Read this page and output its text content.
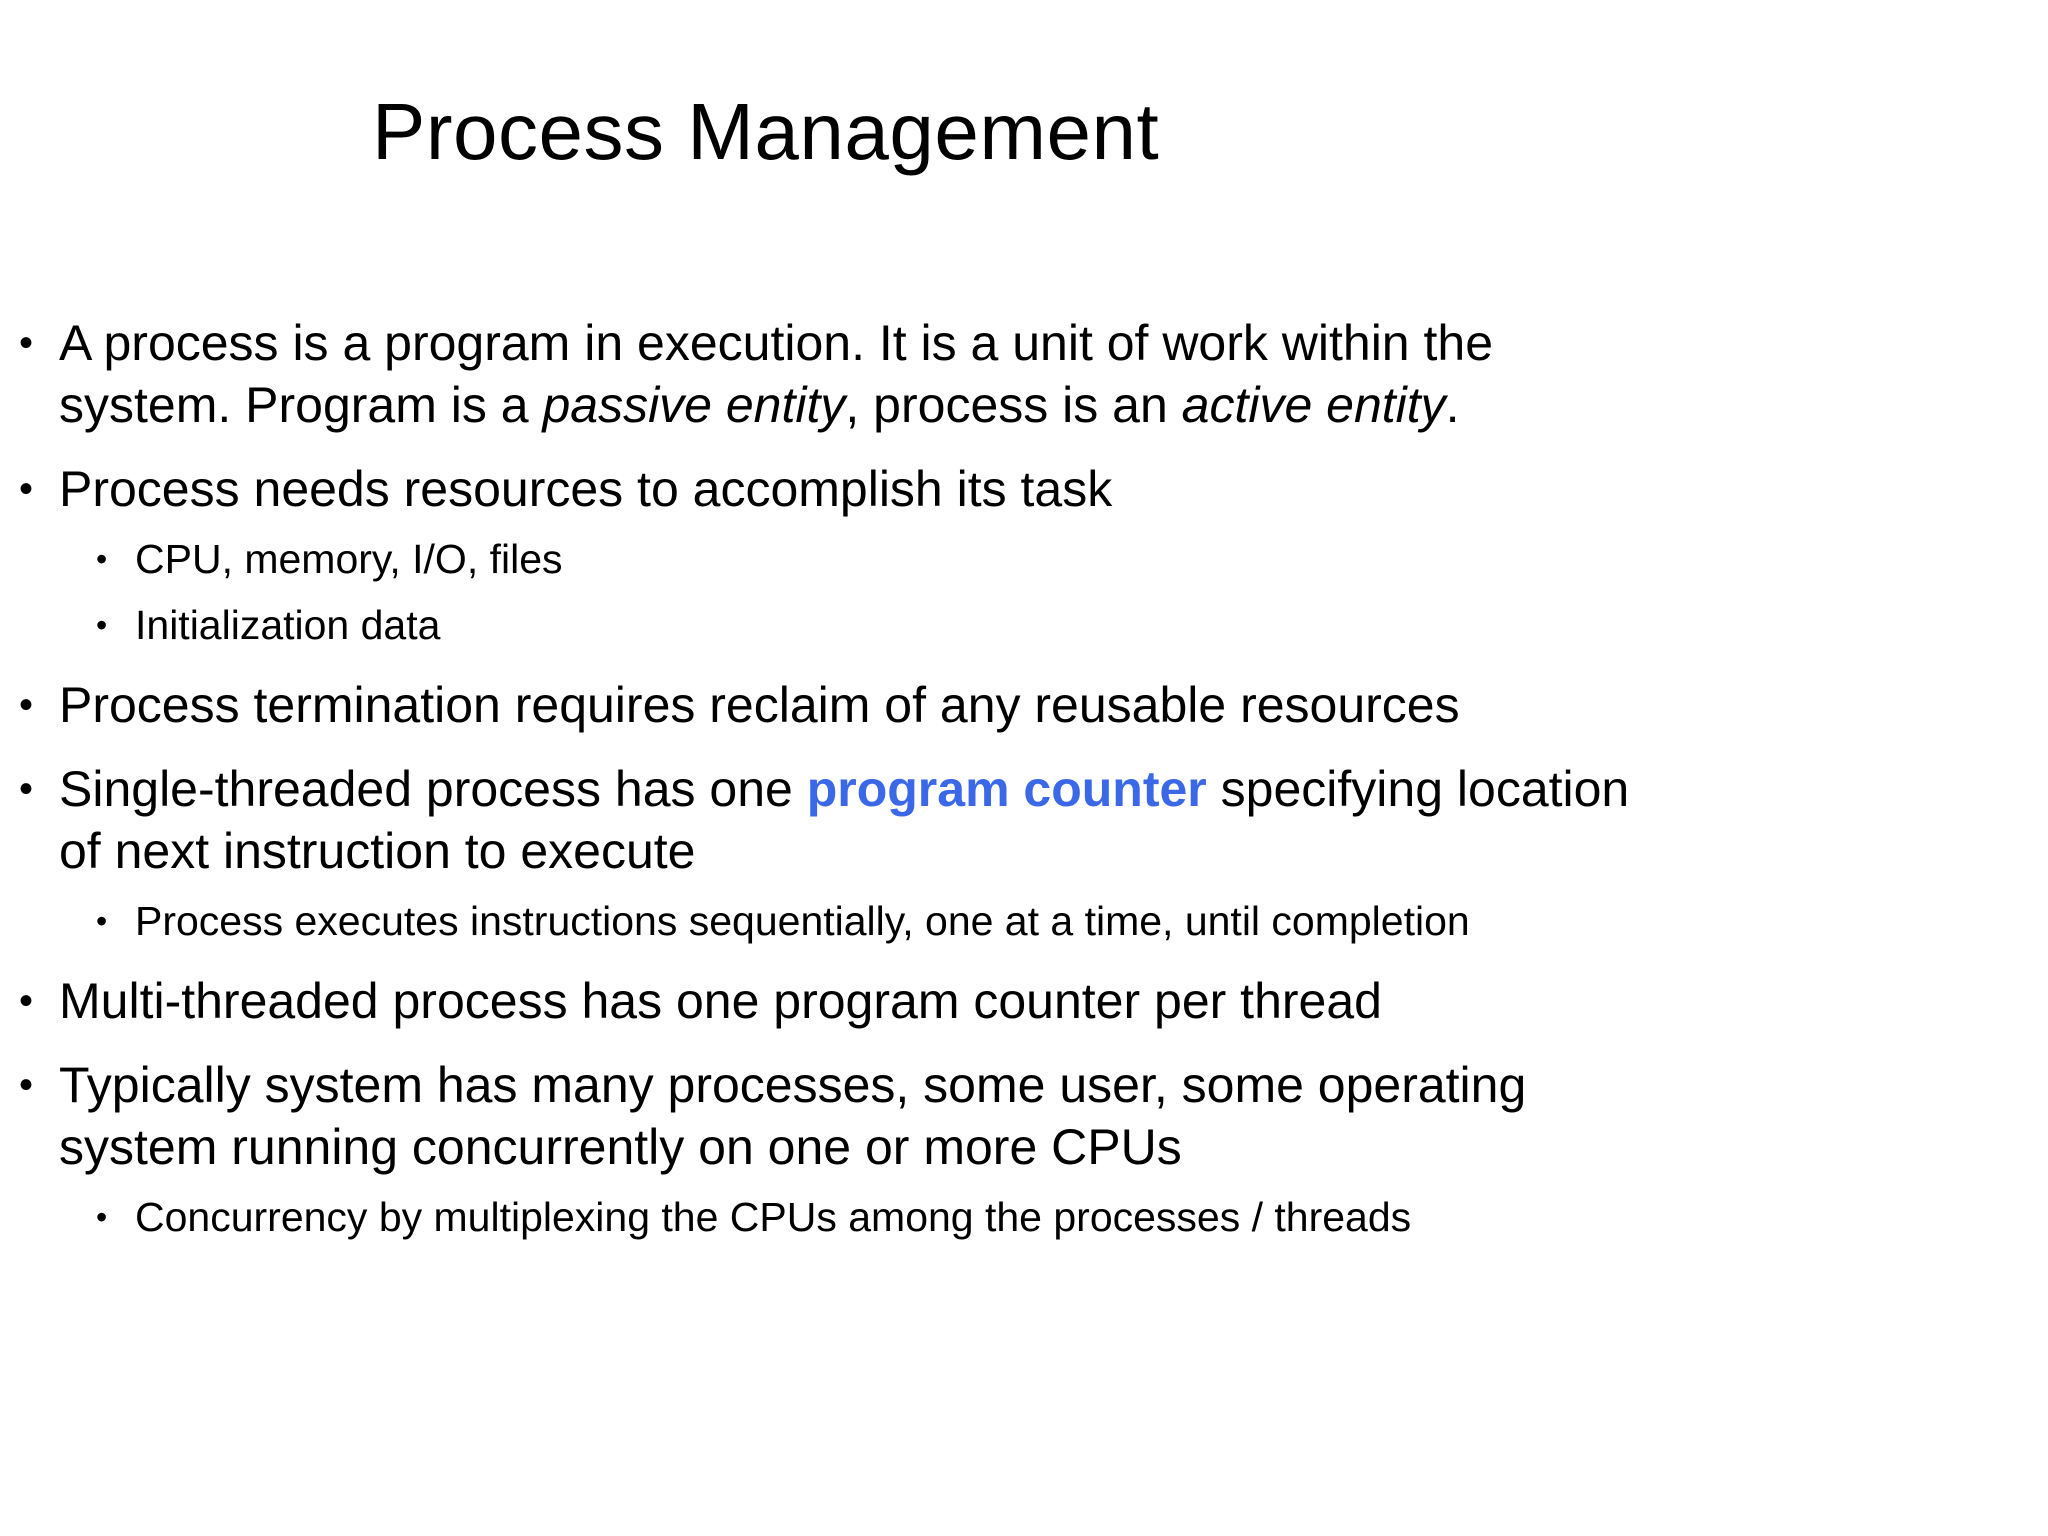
Process Management
• A process is a program in execution. It is a unit of work within the system. Program is a passive entity, process is an active entity.
• Process needs resources to accomplish its task
• CPU, memory, I/O, files
• Initialization data
• Process termination requires reclaim of any reusable resources
• Single-threaded process has one program counter specifying location of next instruction to execute
• Process executes instructions sequentially, one at a time, until completion
• Multi-threaded process has one program counter per thread
• Typically system has many processes, some user, some operating system running concurrently on one or more CPUs
• Concurrency by multiplexing the CPUs among the processes / threads
